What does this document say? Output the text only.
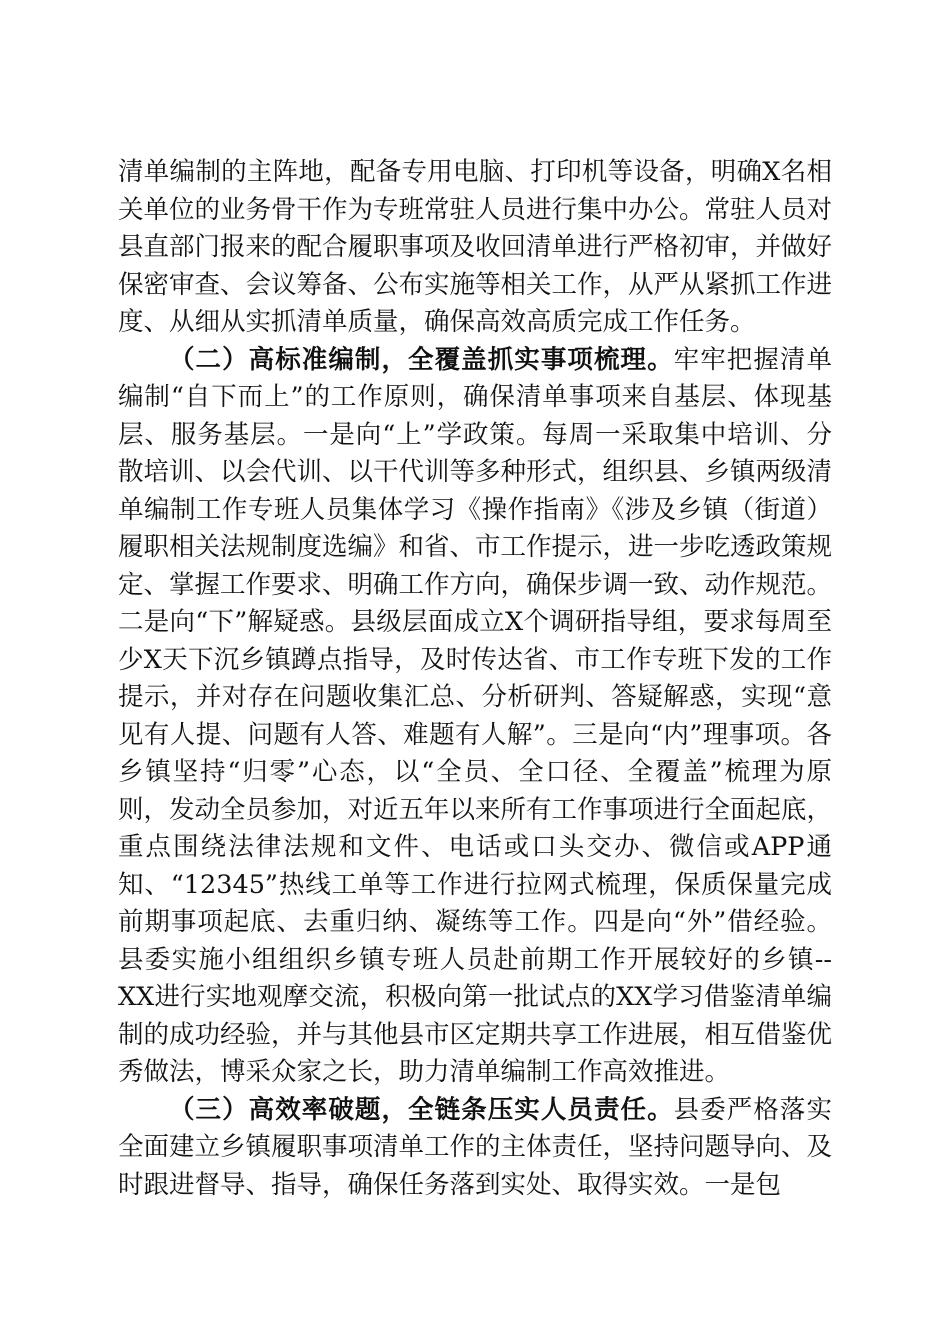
清单编制的主阵地，配备专用电脑、打印机等设备，明确X名相关单位的业务骨干作为专班常驻人员进行集中办公。常驻人员对县直部门报来的配合履职事项及收回清单进行严格初审，并做好保密审查、会议筹备、公布实施等相关工作，从严从紧抓工作进度、从细从实抓清单质量，确保高效高质完成工作任务。

（二）高标准编制，全覆盖抓实事项梳理。牢牢把握清单编制“自下而上”的工作原则，确保清单事项来自基层、体现基层、服务基层。一是向“上”学政策。每周一采取集中培训、分散培训、以会代训、以干代训等多种形式，组织县、乡镇两级清单编制工作专班人员集体学习《操作指南》《涉及乡镇（街道）履职相关法规制度选编》和省、市工作提示，进一步吃透政策规定、掌握工作要求、明确工作方向，确保步调一致、动作规范。二是向“下”解疑惑。县级层面成立X个调研指导组，要求每周至少X天下沉乡镇蹲点指导，及时传达省、市工作专班下发的工作提示，并对存在问题收集汇总、分析研判、答疑解惑，实现“意见有人提、问题有人答、难题有人解”。三是向“内”理事项。各乡镇坚持“归零”心态，以“全员、全口径、全覆盖”梳理为原则，发动全员参加，对近五年以来所有工作事项进行全面起底，重点围绕法律法规和文件、电话或口头交办、微信或APP通知、“12345”热线工单等工作进行拉网式梳理，保质保量完成前期事项起底、去重归纳、凝练等工作。四是向“外”借经验。县委实施小组组织乡镇专班人员赴前期工作开展较好的乡镇--XX进行实地观摩交流，积极向第一批试点的XX学习借鉴清单编制的成功经验，并与其他县市区定期共享工作进展，相互借鉴优秀做法，博采众家之长，助力清单编制工作高效推进。

（三）高效率破题，全链条压实人员责任。县委严格落实全面建立乡镇履职事项清单工作的主体责任，坚持问题导向、及时跟进督导、指导，确保任务落到实处、取得实效。一是包
